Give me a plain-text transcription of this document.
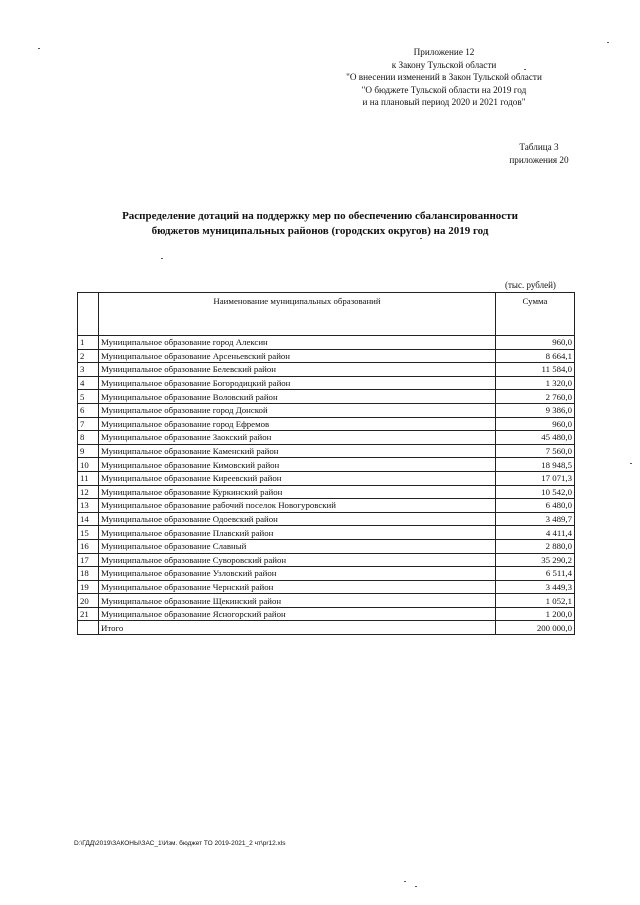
Приложение 12
к Закону Тульской области
"О внесении изменений в Закон Тульской области
"О бюджете Тульской области на 2019 год
и на плановый период 2020 и 2021 годов"
Таблица 3
приложения 20
Распределение дотаций на поддержку мер по обеспечению сбалансированности
бюджетов муниципальных районов (городских округов) на 2019 год
(тыс. рублей)
	Наименование муниципальных образований	Сумма
1	Муниципальное образование город Алексин	960,0
2	Муниципальное образование Арсеньевский район	8 664,1
3	Муниципальное образование Белевский район	11 584,0
4	Муниципальное образование Богородицкий район	1 320,0
5	Муниципальное образование Воловский район	2 760,0
6	Муниципальное образование город Донской	9 386,0
7	Муниципальное образование город Ефремов	960,0
8	Муниципальное образование Заокский район	45 480,0
9	Муниципальное образование Каменский район	7 560,0
10	Муниципальное образование Кимовский район	18 948,5
11	Муниципальное образование Киреевский район	17 071,3
12	Муниципальное образование Куркинский район	10 542,0
13	Муниципальное образование рабочий поселок Новогуровский	6 480,0
14	Муниципальное образование Одоевский район	3 489,7
15	Муниципальное образование Плавский район	4 411,4
16	Муниципальное образование Славный	2 880,0
17	Муниципальное образование Суворовский район	35 290,2
18	Муниципальное образование Узловский район	6 511,4
19	Муниципальное образование Чернский район	3 449,3
20	Муниципальное образование Щекинский район	1 052,1
21	Муниципальное образование Ясногорский район	1 200,0
	Итого	200 000,0
D:\ГДД\2019\ЗАКОНЫ\ЗАС_1\Изм. бюджет ТО 2019-2021_2 чт\pr12.xls
